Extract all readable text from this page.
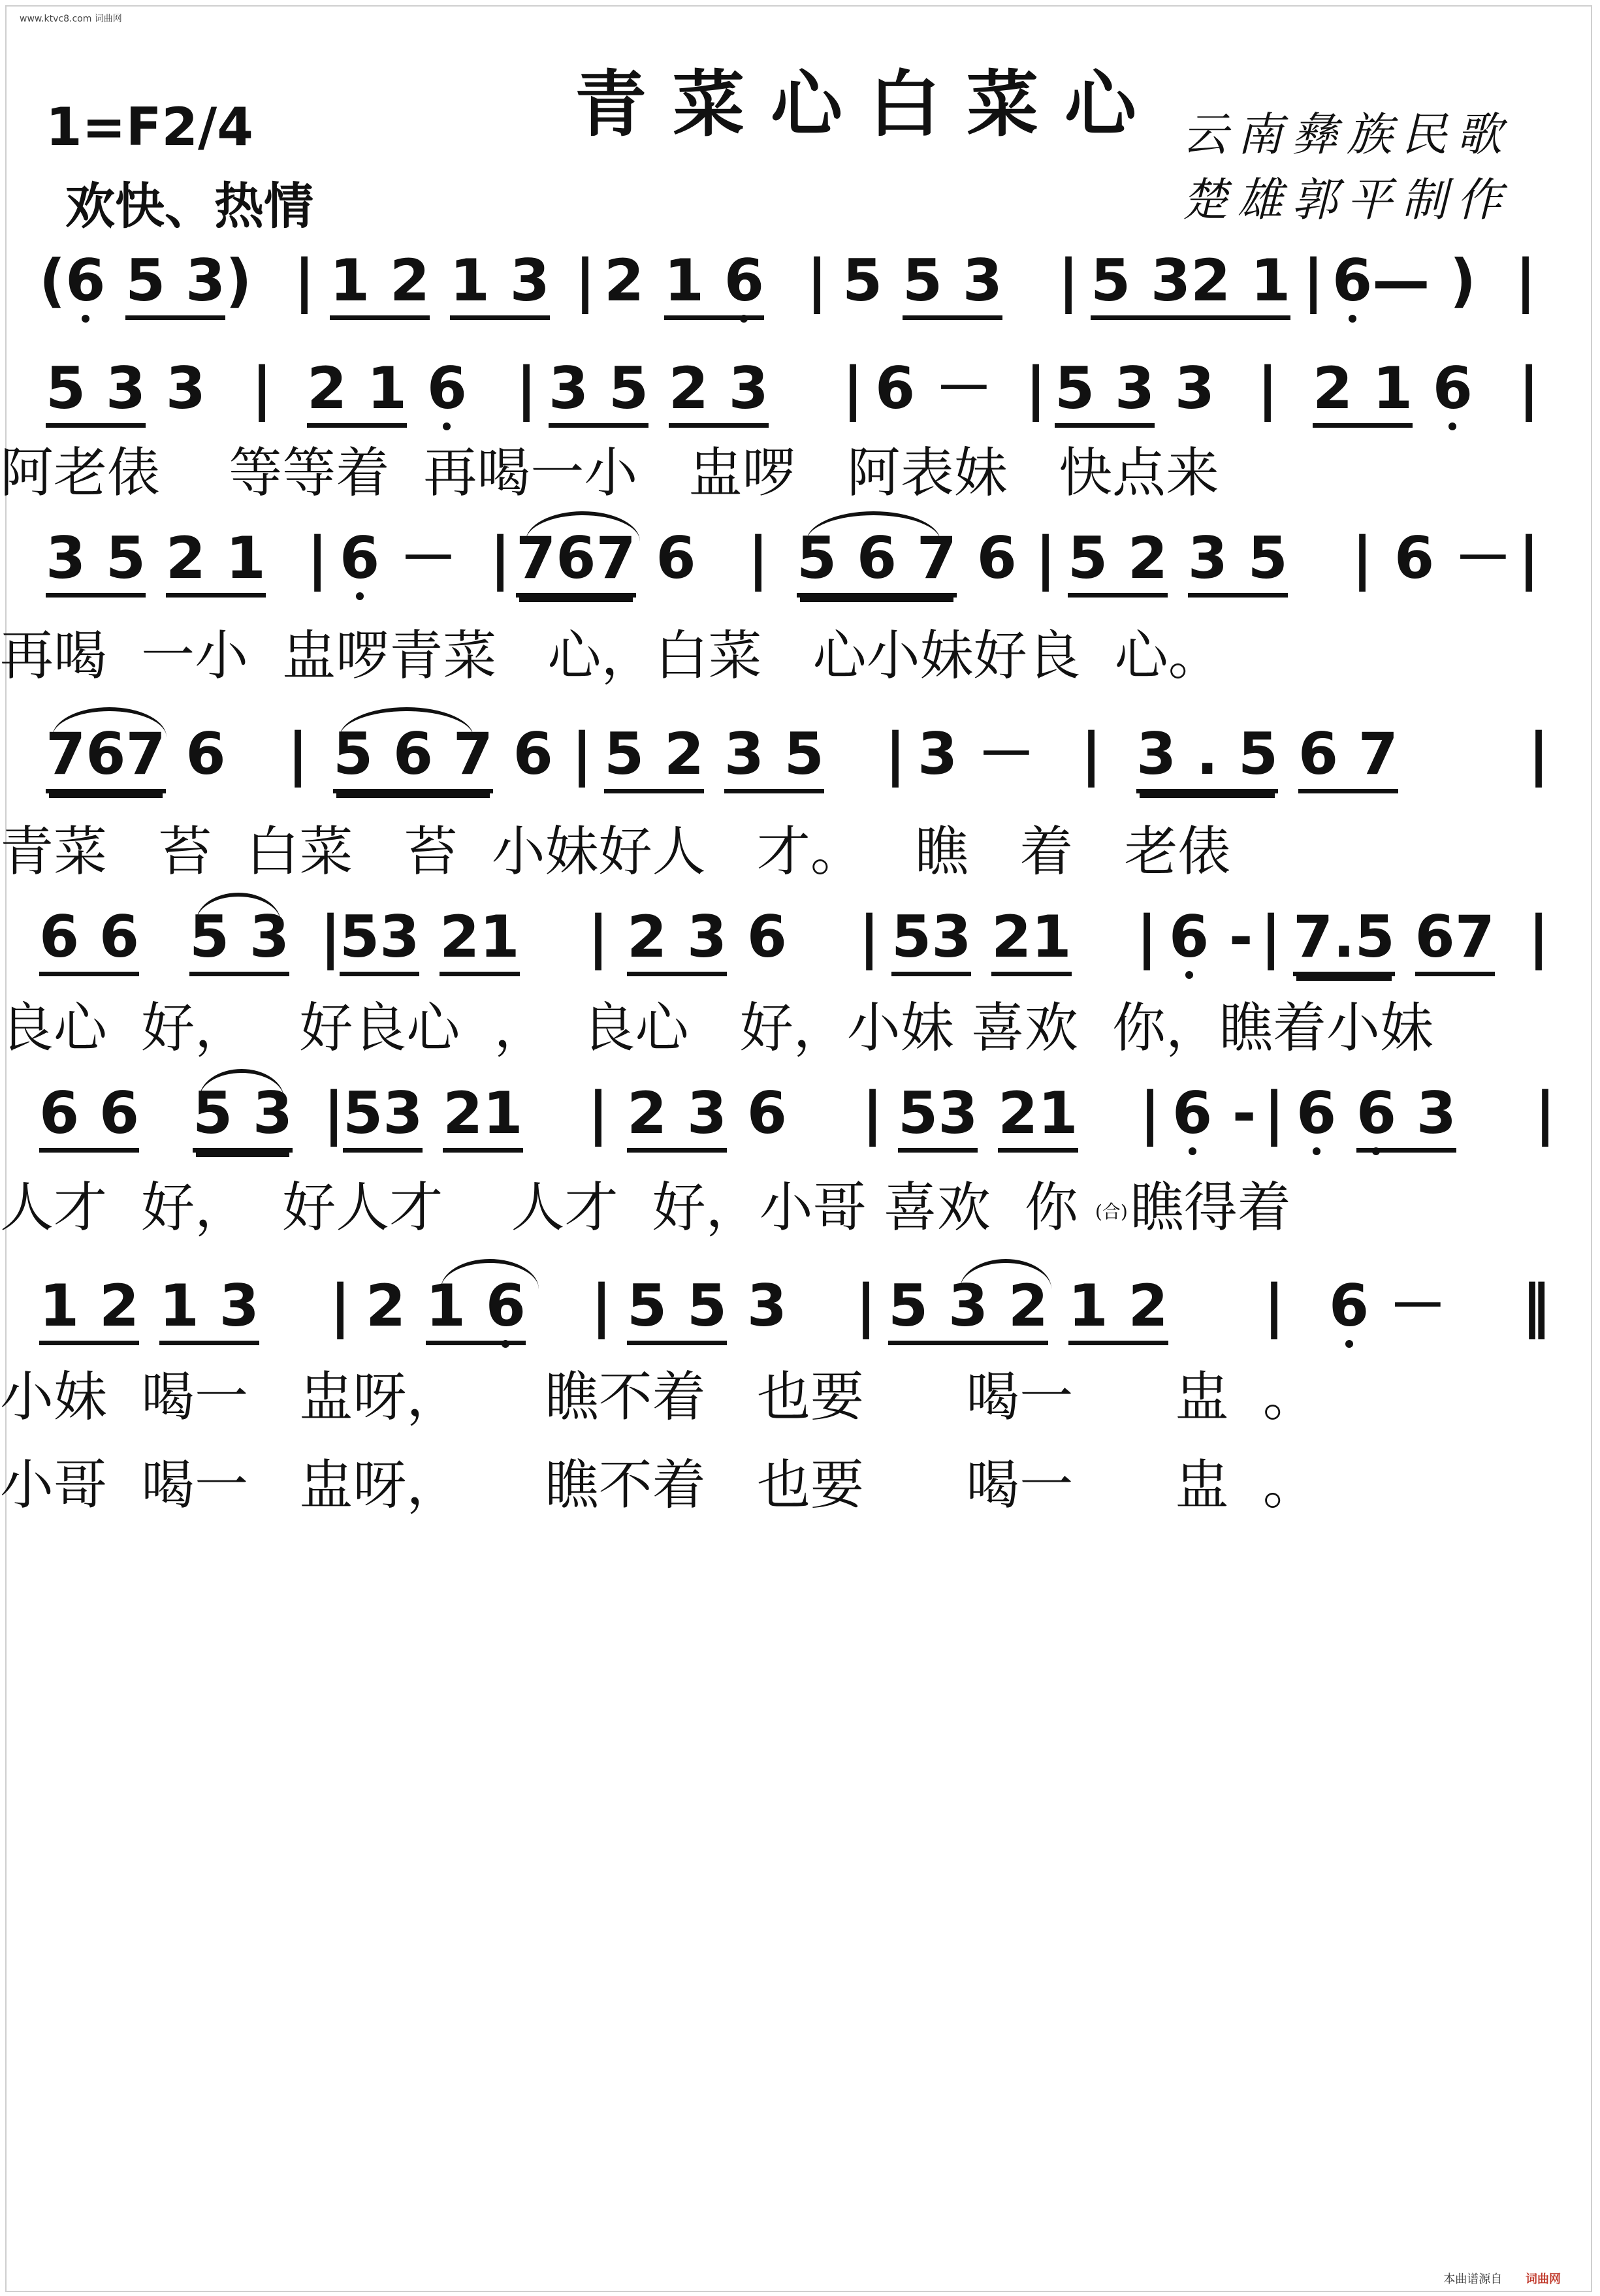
www.ktvc8.com 词曲网
青菜心白菜心
1=F2/4
欢快、热情
云南彝族民歌
楚雄郭平制作
(6 5 3) | 1 2 1 3 | 2 1 6 | 5 5 3 | 5 32 1 | 6— ) |
5 3 3 | 2 1 6 | 3 5 2 3 | 6 － | 5 3 3 | 2 1 6 |
阿老俵    等等着  再喝一小   盅啰   阿表妹   快点来
3 5 2 1 | 6 － | 767 6 | 5 6 7 6 | 5 2 3 5 | 6 － |
再喝  一小  盅啰青菜   心，白菜   心小妹好良  心。
767 6 | 5 6 7 6 | 5 2 3 5 | 3 － | 3 . 5 6 7 |
青菜   苔  白菜   苔  小妹好人   才。   瞧   着   老俵
6 6 5 3 |
53 21 | 2 3 6 | 53 21 | 6 - | 7.5 67 |
良心  好，   好良心  ，  良心   好，小妹 喜欢  你，瞧着小妹
6 6 5 3 |
53 21 | 2 3 6 | 53 21 | 6 - | 6 6 3 |
人才  好，  好人才    人才  好，小哥 喜欢  你 (合)瞧得着
1 2 1 3 | 2 1 6 | 5 5 3 | 5 3 2 1 2 | 6 － ‖
小妹  喝一   盅呀，     瞧不着   也要      喝一      盅  。
小哥  喝一   盅呀，     瞧不着   也要      喝一      盅  。
本曲谱源自 词曲网
